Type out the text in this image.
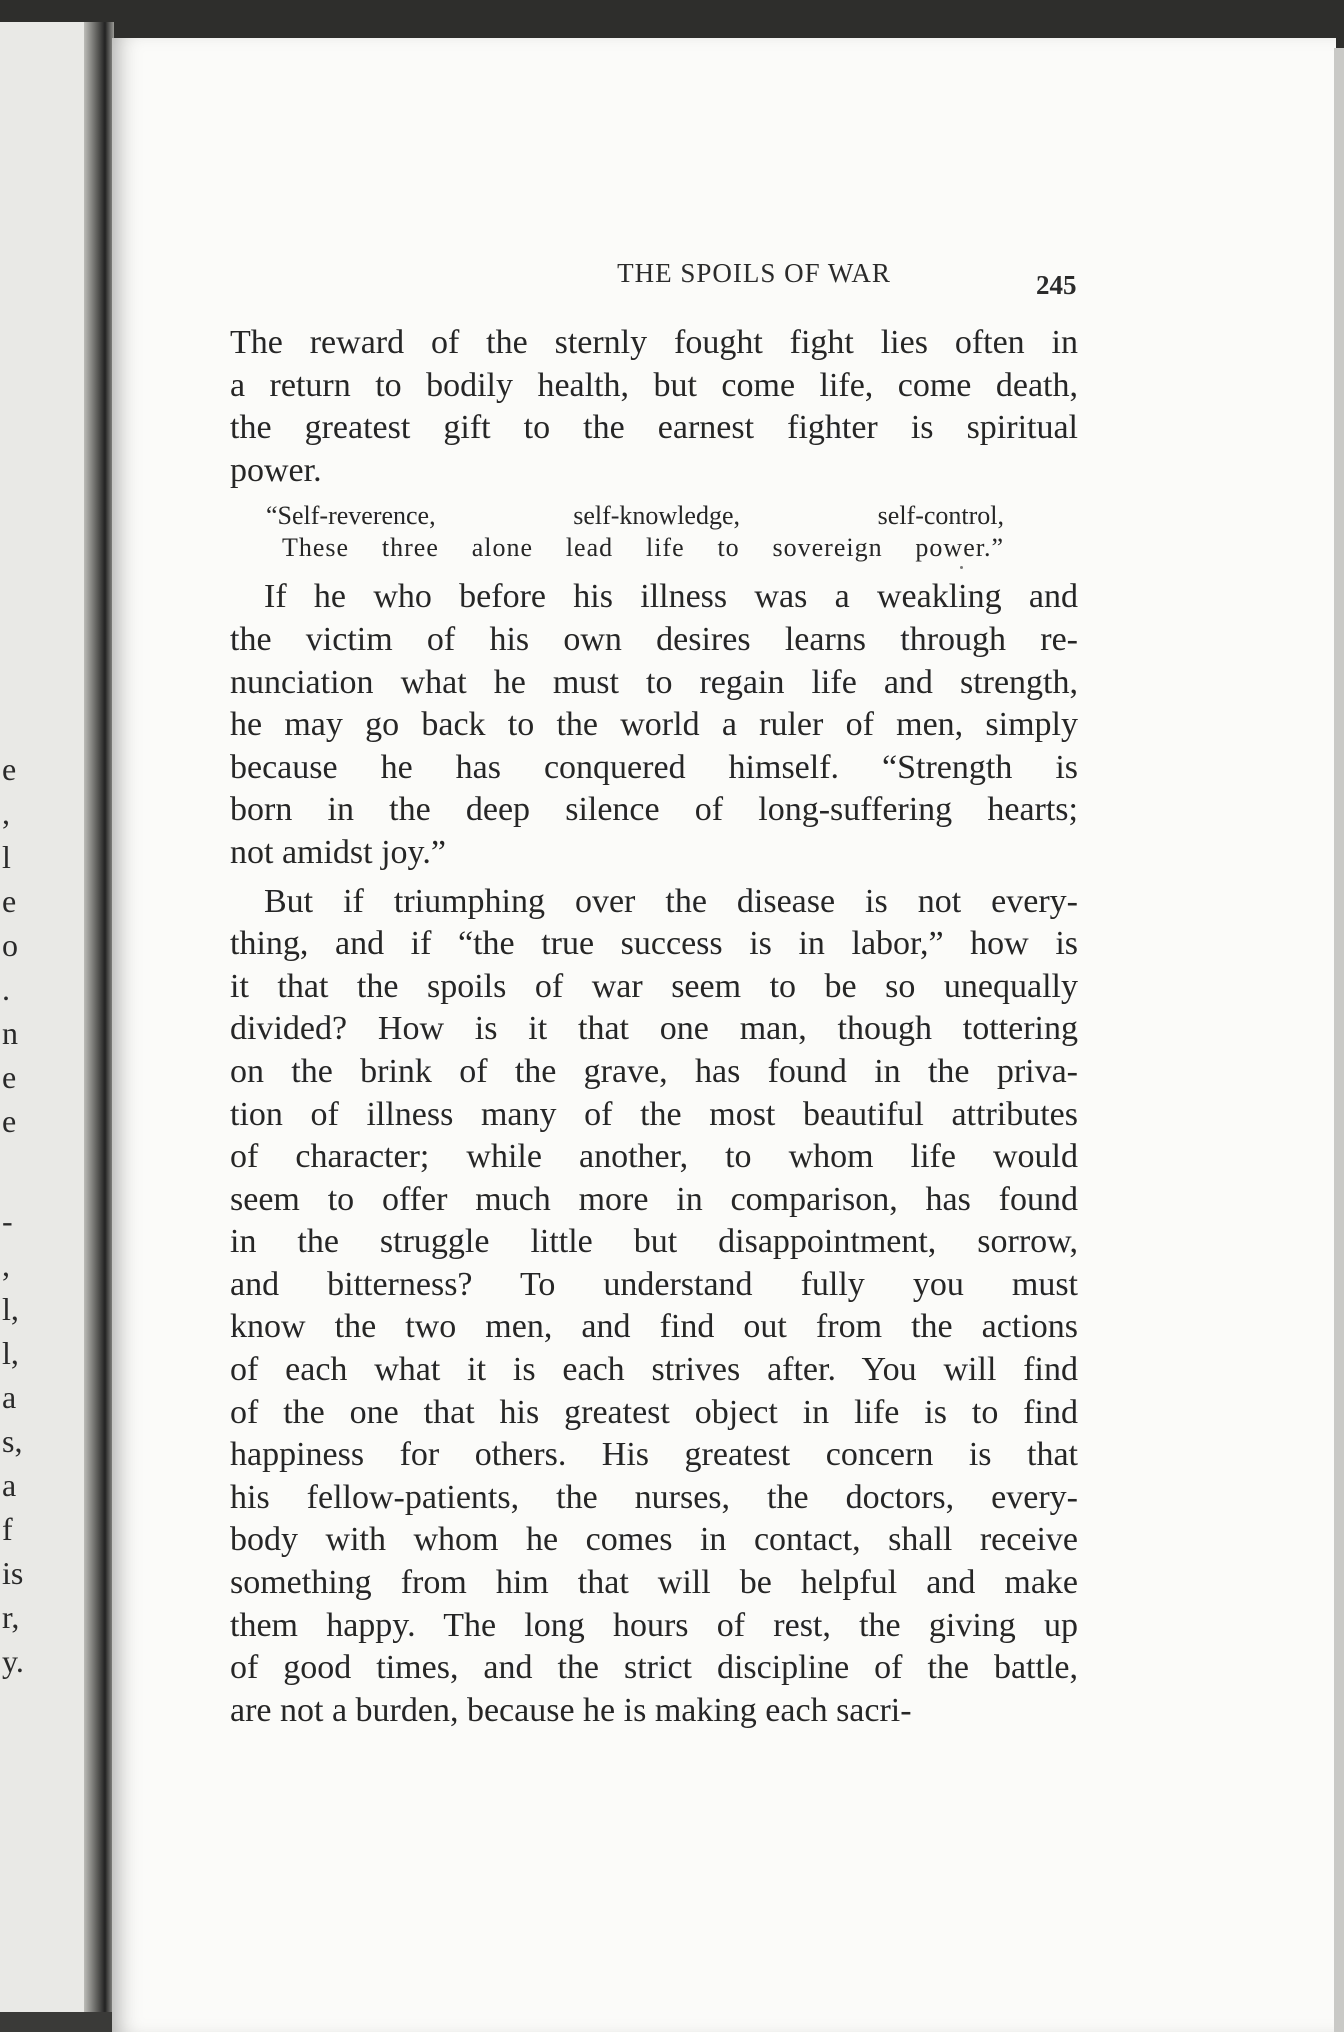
e
,
l
e
o
.
n
e
e
-
,
l,
l,
a
s,
a
f
is
r,
y.
THE SPOILS OF WAR	245
The reward of the sternly fought fight lies often in
a return to bodily health, but come life, come death,
the greatest gift to the earnest fighter is spiritual
power.
“Self-reverence, self-knowledge, self-control,
These three alone lead life to sovereign power.”
If he who before his illness was a weakling and
the victim of his own desires learns through re-
nunciation what he must to regain life and strength,
he may go back to the world a ruler of men, simply
because he has conquered himself. “Strength is
born in the deep silence of long-suffering hearts;
not amidst joy.”
But if triumphing over the disease is not every-
thing, and if “the true success is in labor,” how is
it that the spoils of war seem to be so unequally
divided? How is it that one man, though tottering
on the brink of the grave, has found in the priva-
tion of illness many of the most beautiful attributes
of character; while another, to whom life would
seem to offer much more in comparison, has found
in the struggle little but disappointment, sorrow,
and bitterness? To understand fully you must
know the two men, and find out from the actions
of each what it is each strives after. You will find
of the one that his greatest object in life is to find
happiness for others. His greatest concern is that
his fellow-patients, the nurses, the doctors, every-
body with whom he comes in contact, shall receive
something from him that will be helpful and make
them happy. The long hours of rest, the giving up
of good times, and the strict discipline of the battle,
are not a burden, because he is making each sacri-
